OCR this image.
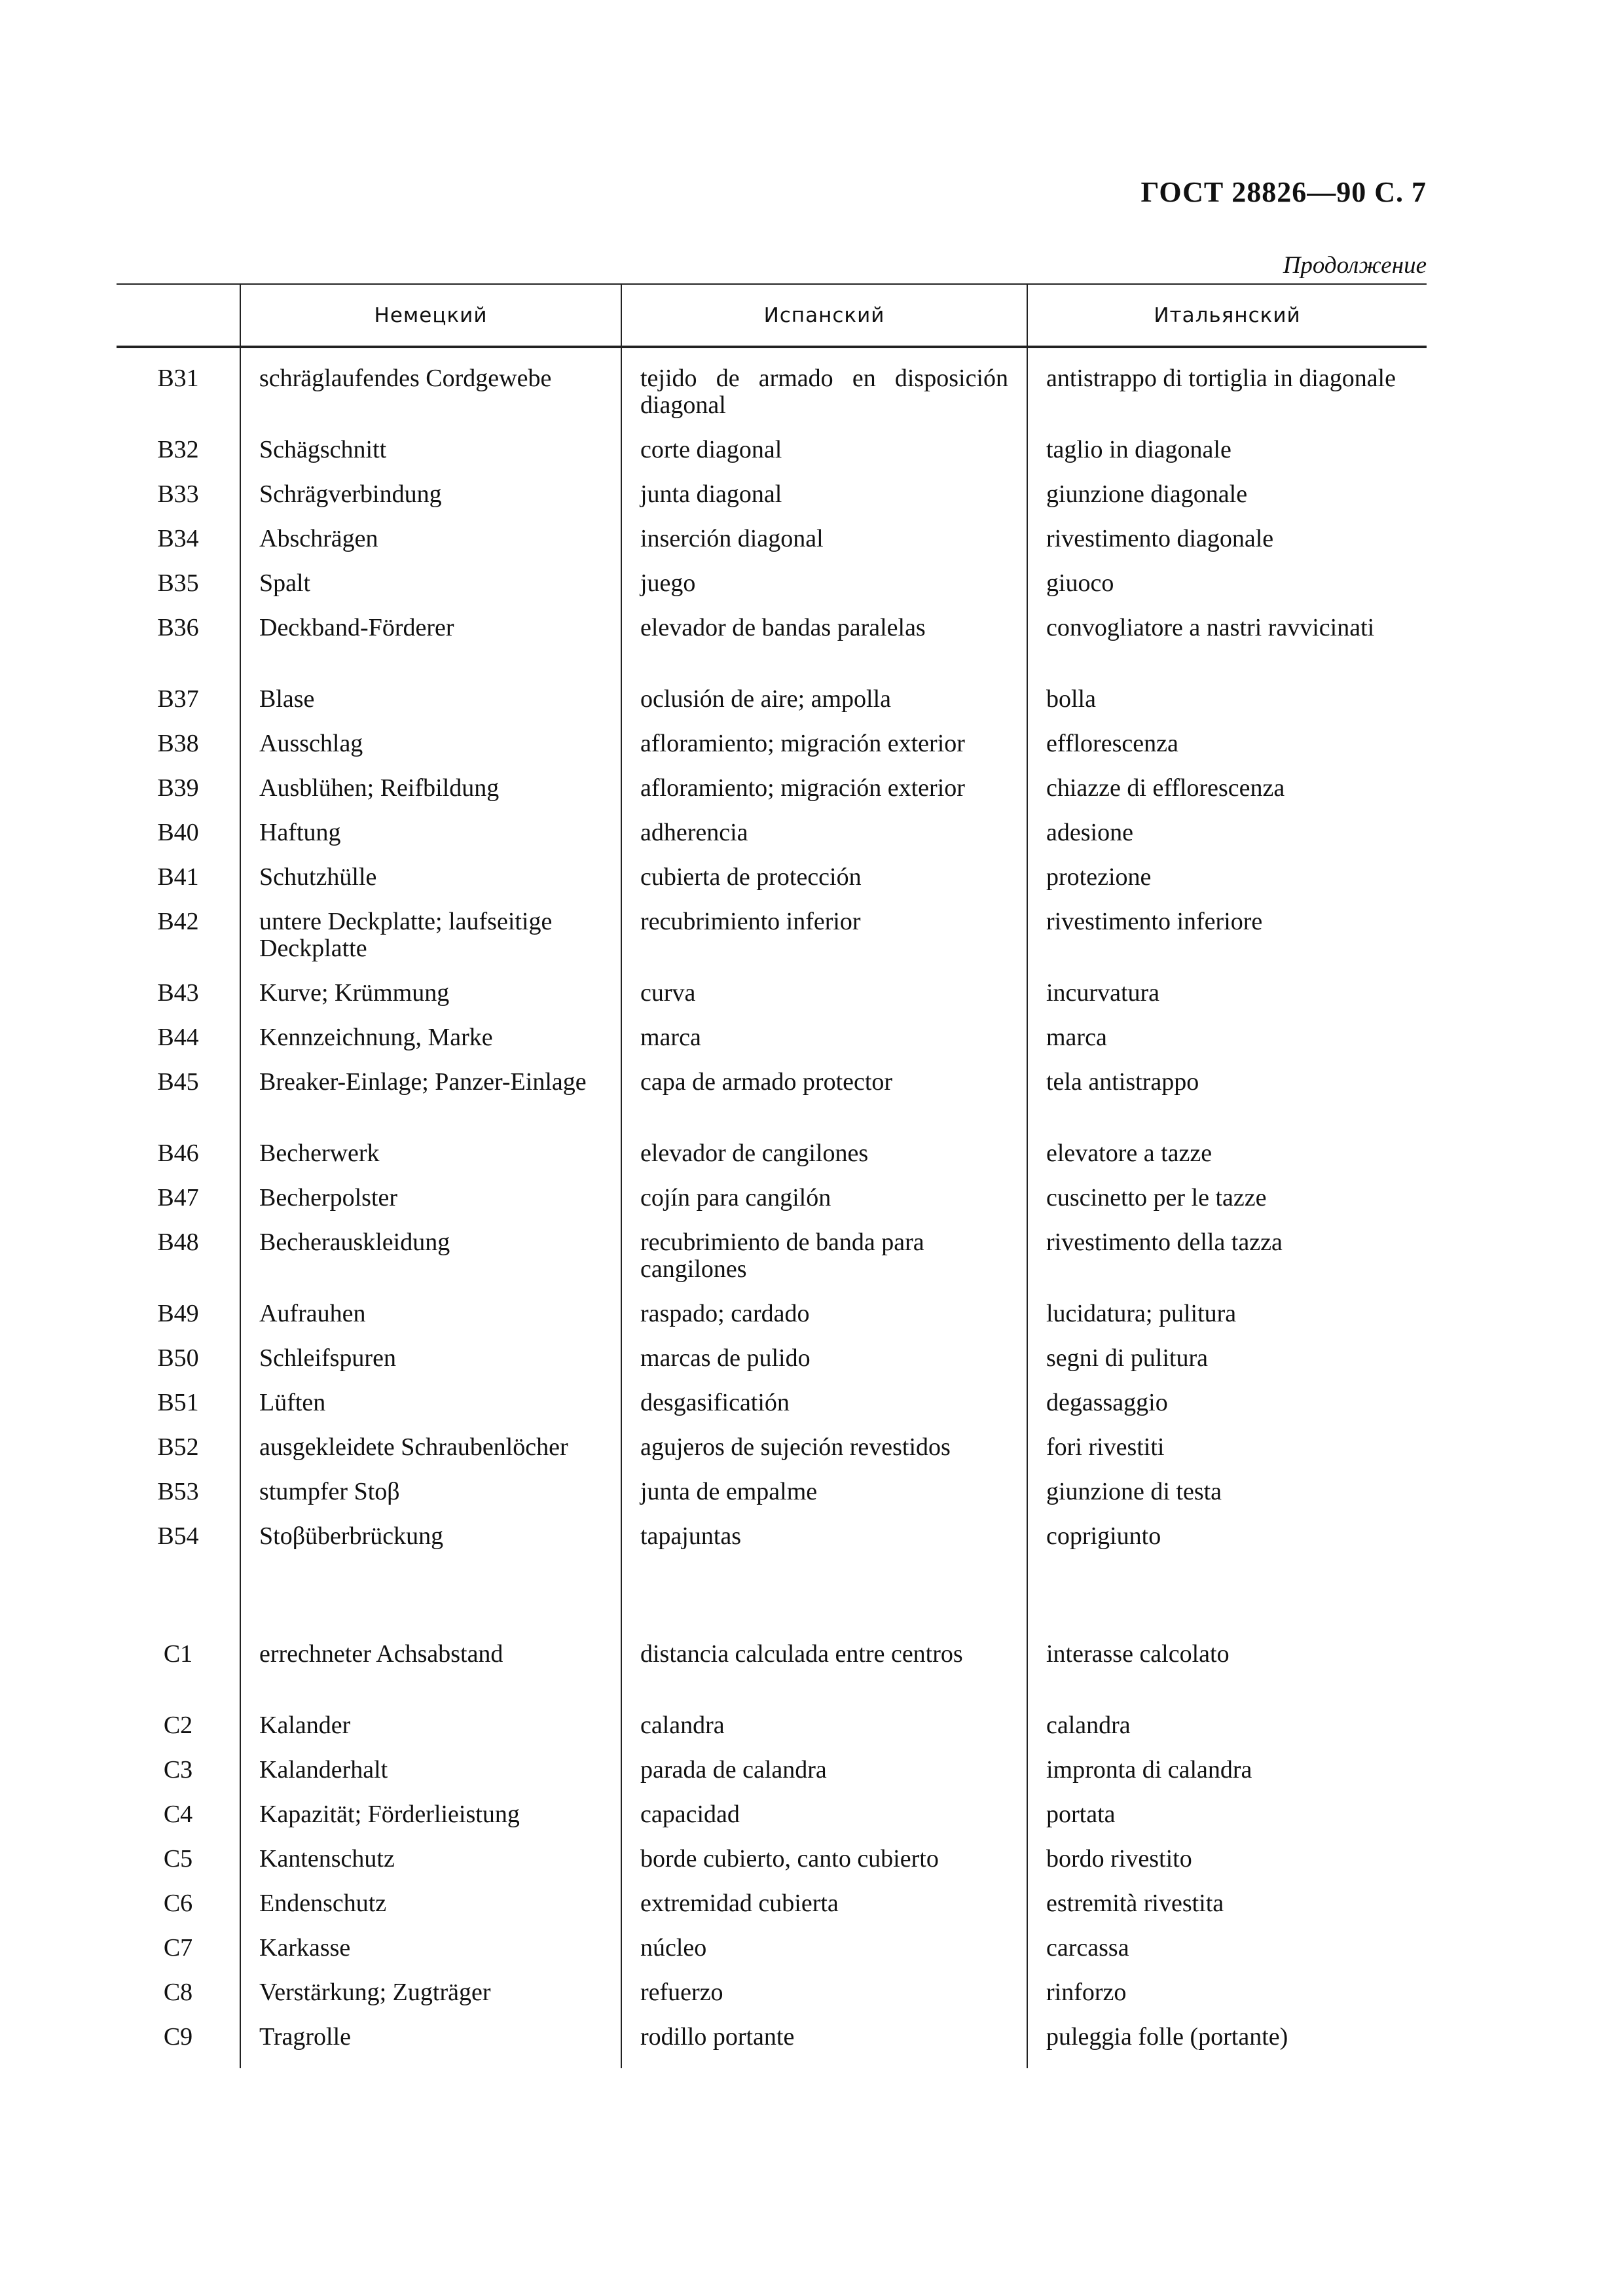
ГОСТ 28826—90 С. 7
Продолжение
	Немецкий	Испанский	Итальянский
B31	schräglaufendes Cordgewebe	tejido de armado en disposición diagonal	antistrappo di tortiglia in diagonale
B32	Schägschnitt	corte diagonal	taglio in diagonale
B33	Schrägverbindung	junta diagonal	giunzione diagonale
B34	Abschrägen	inserción diagonal	rivestimento diagonale
B35	Spalt	juego	giuoco
B36	Deckband-Förderer	elevador de bandas paralelas	convogliatore a nastri ravvicinati
B37	Blase	oclusión de aire; ampolla	bolla
B38	Ausschlag	afloramiento; migración exterior	efflorescenza
B39	Ausblühen; Reifbildung	afloramiento; migración exterior	chiazze di efflorescenza
B40	Haftung	adherencia	adesione
B41	Schutzhülle	cubierta de protección	protezione
B42	untere Deckplatte; laufseitige Deckplatte	recubrimiento inferior	rivestimento inferiore
B43	Kurve; Krümmung	curva	incurvatura
B44	Kennzeichnung, Marke	marca	marca
B45	Breaker-Einlage; Panzer-Einlage	capa de armado protector	tela antistrappo
B46	Becherwerk	elevador de cangilones	elevatore a tazze
B47	Becherpolster	cojín para cangilón	cuscinetto per le tazze
B48	Becherauskleidung	recubrimiento de banda para cangilones	rivestimento della tazza
B49	Aufrauhen	raspado; cardado	lucidatura; pulitura
B50	Schleifspuren	marcas de pulido	segni di pulitura
B51	Lüften	desgasificatión	degassaggio
B52	ausgekleidete Schraubenlöcher	agujeros de sujeción revestidos	fori rivestiti
B53	stumpfer Stoβ	junta de empalme	giunzione di testa
B54	Stoβüberbrückung	tapajuntas	coprigiunto
C1	errechneter Achsabstand	distancia calculada entre centros	interasse calcolato
C2	Kalander	calandra	calandra
C3	Kalanderhalt	parada de calandra	impronta di calandra
C4	Kapazität; Förderlieistung	capacidad	portata
C5	Kantenschutz	borde cubierto, canto cubierto	bordo rivestito
C6	Endenschutz	extremidad cubierta	estremità rivestita
C7	Karkasse	núcleo	carcassa
C8	Verstärkung; Zugträger	refuerzo	rinforzo
C9	Tragrolle	rodillo portante	puleggia folle (portante)
